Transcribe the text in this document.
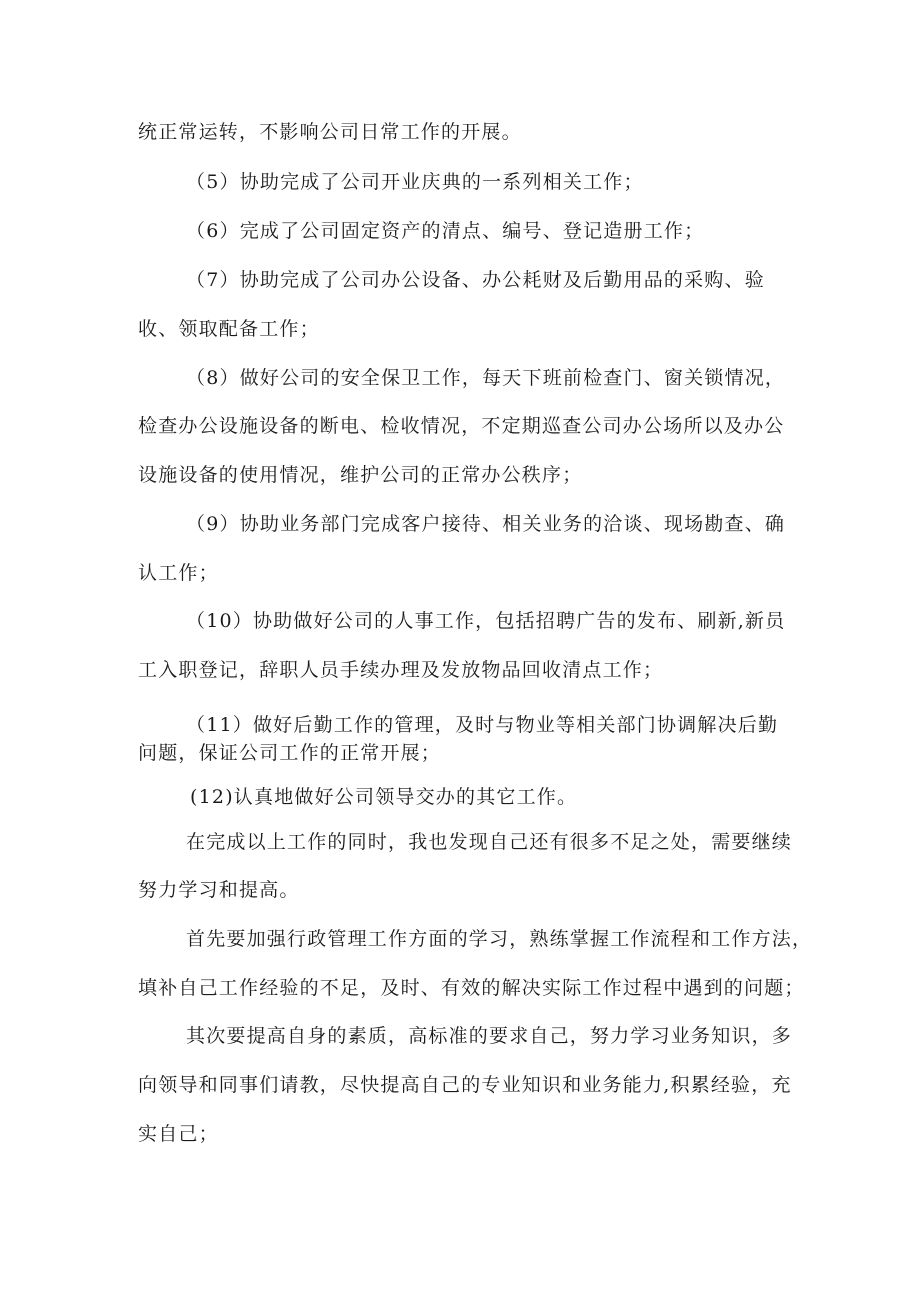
统正常运转，不影响公司日常工作的开展。
（5）协助完成了公司开业庆典的一系列相关工作；
（6）完成了公司固定资产的清点、编号、登记造册工作；
（7）协助完成了公司办公设备、办公耗财及后勤用品的采购、验
收、领取配备工作；
（8）做好公司的安全保卫工作，每天下班前检查门、窗关锁情况，
检查办公设施设备的断电、检收情况，不定期巡查公司办公场所以及办公
设施设备的使用情况，维护公司的正常办公秩序；
（9）协助业务部门完成客户接待、相关业务的洽谈、现场勘查、确
认工作；
（10）协助做好公司的人事工作，包括招聘广告的发布、刷新,新员
工入职登记，辞职人员手续办理及发放物品回收清点工作；
（11）做好后勤工作的管理，及时与物业等相关部门协调解决后勤
问题，保证公司工作的正常开展；
(12)认真地做好公司领导交办的其它工作。
在完成以上工作的同时，我也发现自己还有很多不足之处，需要继续
努力学习和提高。
首先要加强行政管理工作方面的学习，熟练掌握工作流程和工作方法，
填补自己工作经验的不足，及时、有效的解决实际工作过程中遇到的问题；
其次要提高自身的素质，高标准的要求自己，努力学习业务知识，多
向领导和同事们请教，尽快提高自己的专业知识和业务能力,积累经验，充
实自己；
